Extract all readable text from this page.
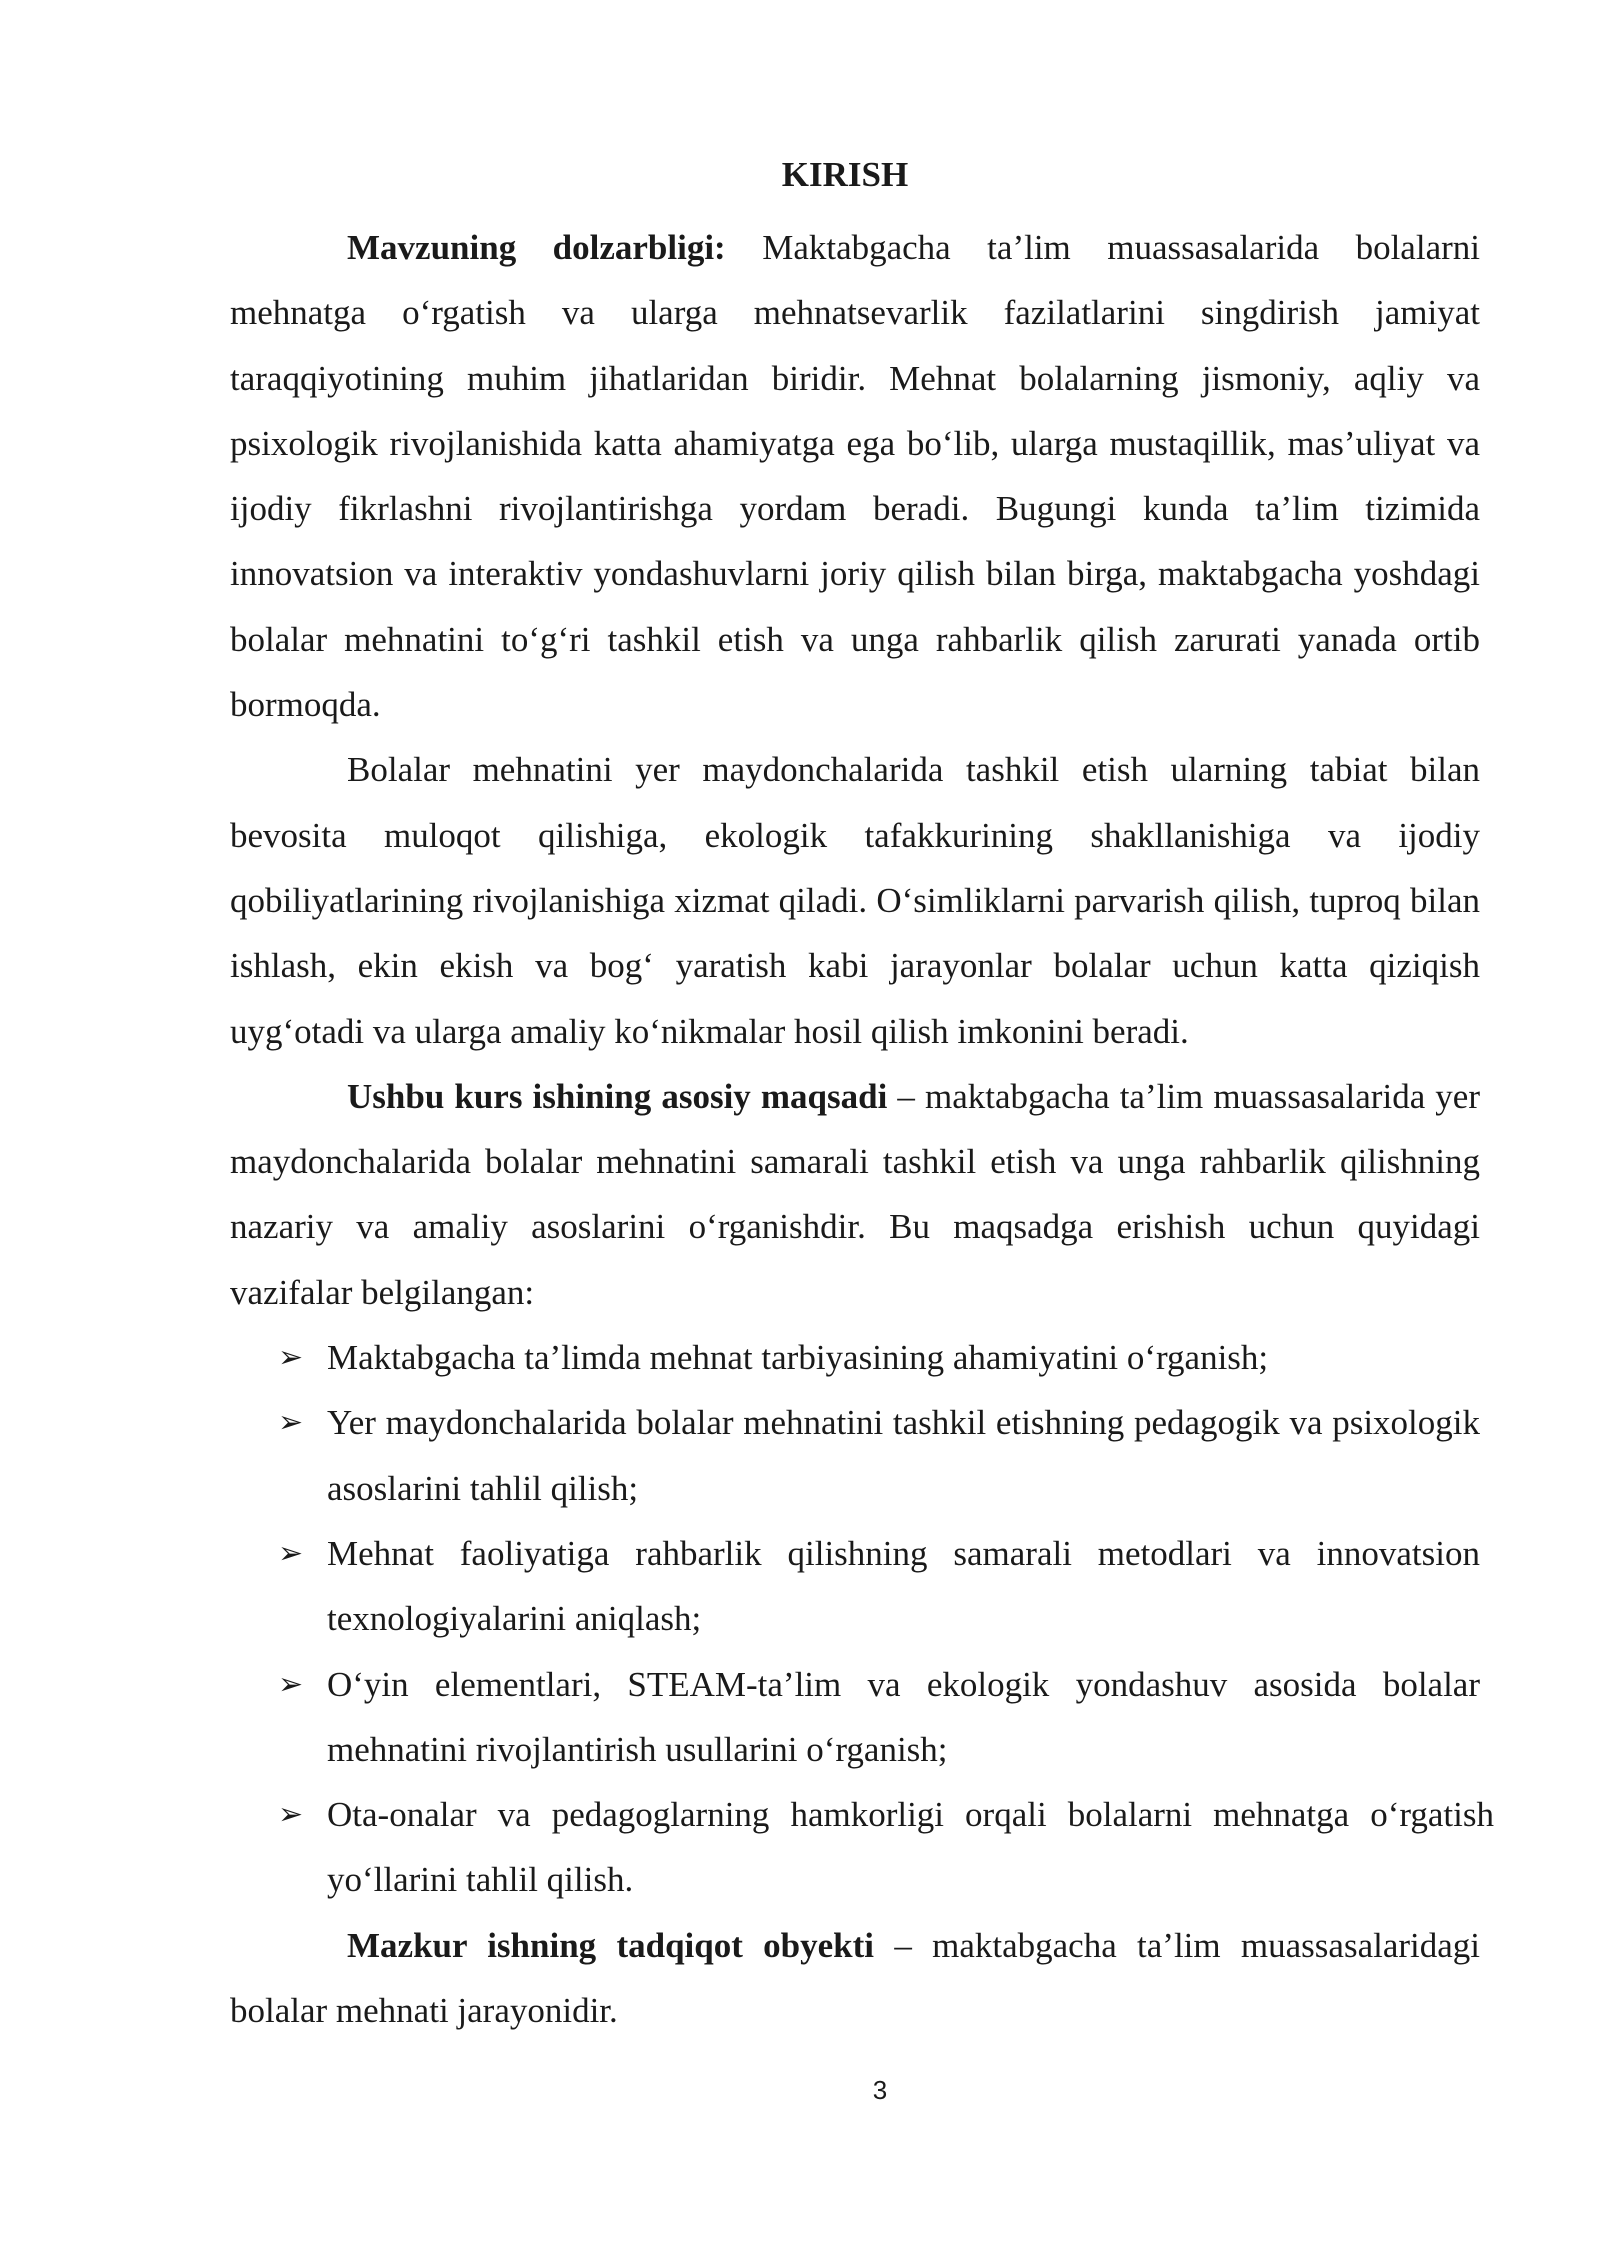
KIRISH

Mavzuning dolzarbligi: Maktabgacha ta’lim muassasalarida bolalarni mehnatga o‘rgatish va ularga mehnatsevarlik fazilatlarini singdirish jamiyat taraqqiyotining muhim jihatlaridan biridir. Mehnat bolalarning jismoniy, aqliy va psixologik rivojlanishida katta ahamiyatga ega bo‘lib, ularga mustaqillik, mas’uliyat va ijodiy fikrlashni rivojlantirishga yordam beradi. Bugungi kunda ta’lim tizimida innovatsion va interaktiv yondashuvlarni joriy qilish bilan birga, maktabgacha yoshdagi bolalar mehnatini to‘g‘ri tashkil etish va unga rahbarlik qilish zarurati yanada ortib bormoqda.

Bolalar mehnatini yer maydonchalarida tashkil etish ularning tabiat bilan bevosita muloqot qilishiga, ekologik tafakkurining shakllanishiga va ijodiy qobiliyatlarining rivojlanishiga xizmat qiladi. O‘simliklarni parvarish qilish, tuproq bilan ishlash, ekin ekish va bog‘ yaratish kabi jarayonlar bolalar uchun katta qiziqish uyg‘otadi va ularga amaliy ko‘nikmalar hosil qilish imkonini beradi.

Ushbu kurs ishining asosiy maqsadi – maktabgacha ta’lim muassasalarida yer maydonchalarida bolalar mehnatini samarali tashkil etish va unga rahbarlik qilishning nazariy va amaliy asoslarini o‘rganishdir. Bu maqsadga erishish uchun quyidagi vazifalar belgilangan:

➢ Maktabgacha ta’limda mehnat tarbiyasining ahamiyatini o‘rganish;
➢ Yer maydonchalarida bolalar mehnatini tashkil etishning pedagogik va psixologik asoslarini tahlil qilish;
➢ Mehnat faoliyatiga rahbarlik qilishning samarali metodlari va innovatsion texnologiyalarini aniqlash;
➢ O‘yin elementlari, STEAM-ta’lim va ekologik yondashuv asosida bolalar mehnatini rivojlantirish usullarini o‘rganish;
➢ Ota-onalar va pedagoglarning hamkorligi orqali bolalarni mehnatga o‘rgatish yo‘llarini tahlil qilish.

Mazkur ishning tadqiqot obyekti – maktabgacha ta’lim muassasalaridagi bolalar mehnati jarayonidir.

3
